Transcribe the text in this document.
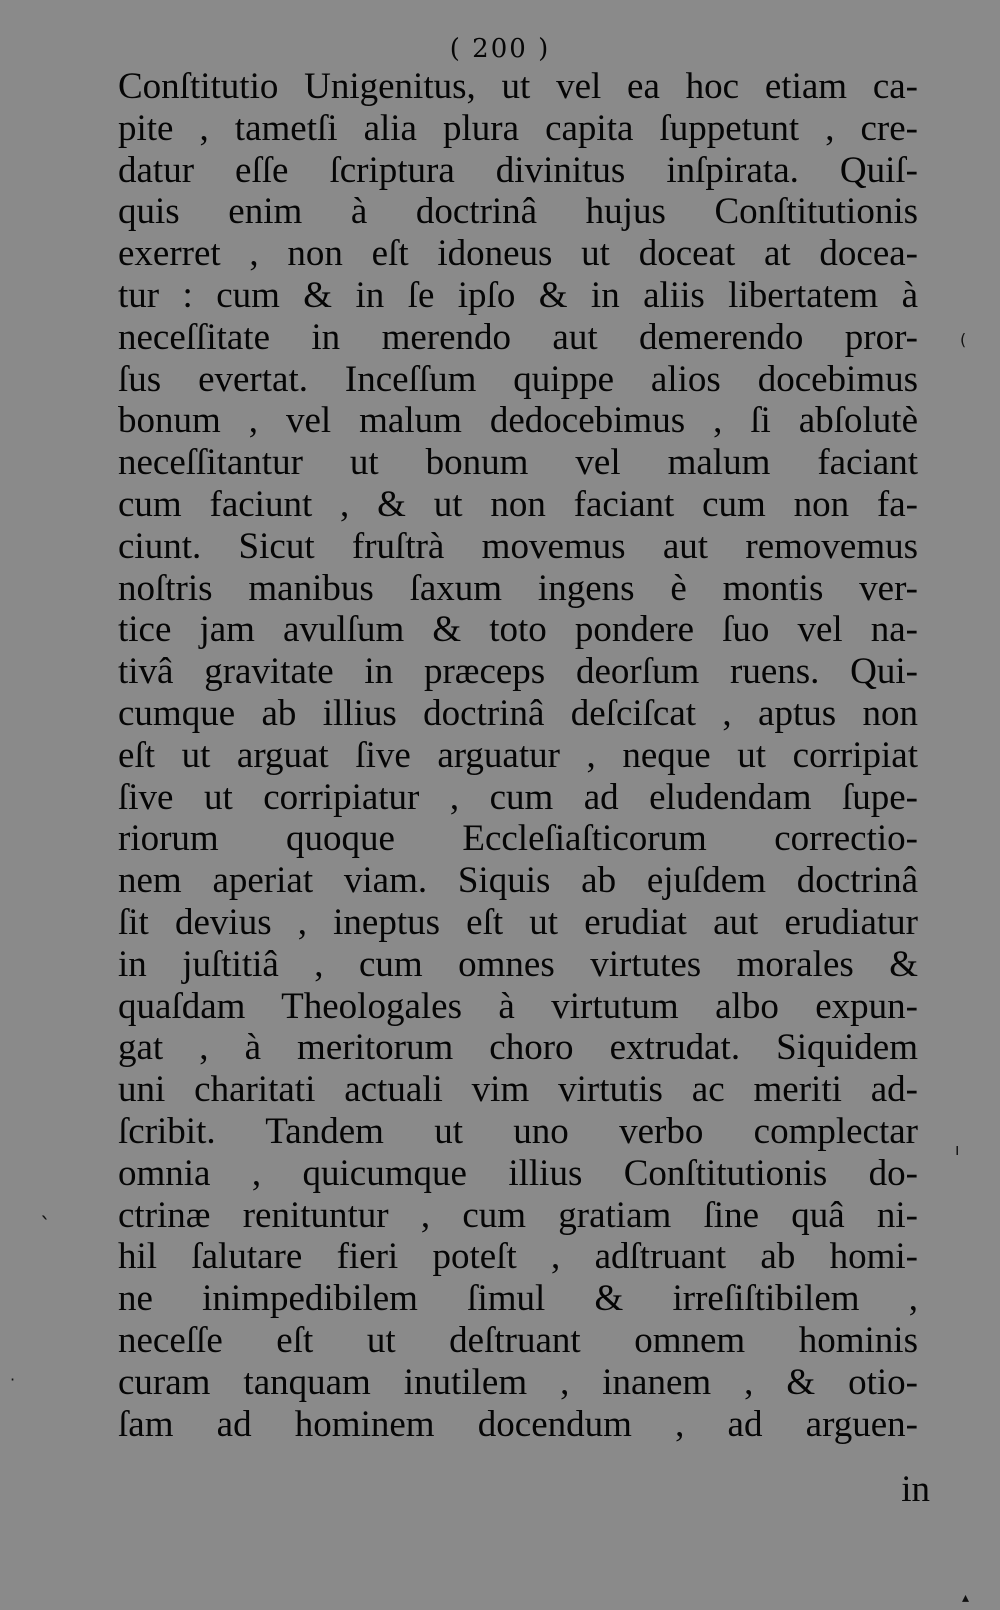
( 200 )
Conſtitutio Unigenitus, ut vel ea hoc etiam ca-
pite , tametſi alia plura capita ſuppetunt , cre-
datur eſſe ſcriptura divinitus inſpirata. Quiſ-
quis enim à doctrinâ hujus Conſtitutionis
exerret , non eſt idoneus ut doceat at docea-
tur : cum & in ſe ipſo & in aliis libertatem à
neceſſitate in merendo aut demerendo pror-
ſus evertat. Inceſſum quippe alios docebimus
bonum , vel malum dedocebimus , ſi abſolutè
neceſſitantur ut bonum vel malum faciant
cum faciunt , & ut non faciant cum non fa-
ciunt. Sicut fruſtrà movemus aut removemus
noſtris manibus ſaxum ingens è montis ver-
tice jam avulſum & toto pondere ſuo vel na-
tivâ gravitate in præceps deorſum ruens. Qui-
cumque ab illius doctrinâ deſciſcat , aptus non
eſt ut arguat ſive arguatur , neque ut corripiat
ſive ut corripiatur , cum ad eludendam ſupe-
riorum quoque Eccleſiaſticorum correctio-
nem aperiat viam. Siquis ab ejuſdem doctrinâ
ſit devius , ineptus eſt ut erudiat aut erudiatur
in juſtitiâ , cum omnes virtutes morales &
quaſdam Theologales à virtutum albo expun-
gat , à meritorum choro extrudat. Siquidem
uni charitati actuali vim virtutis ac meriti ad-
ſcribit. Tandem ut uno verbo complectar
omnia , quicumque illius Conſtitutionis do-
ctrinæ renituntur , cum gratiam ſine quâ ni-
hil ſalutare fieri poteſt , adſtruant ab homi-
ne inimpedibilem ſimul & irreſiſtibilem ,
neceſſe eſt ut deſtruant omnem hominis
curam tanquam inutilem , inanem , & otio-
ſam ad hominem docendum , ad arguen-
in
ˎ
·
ı
(
▴
